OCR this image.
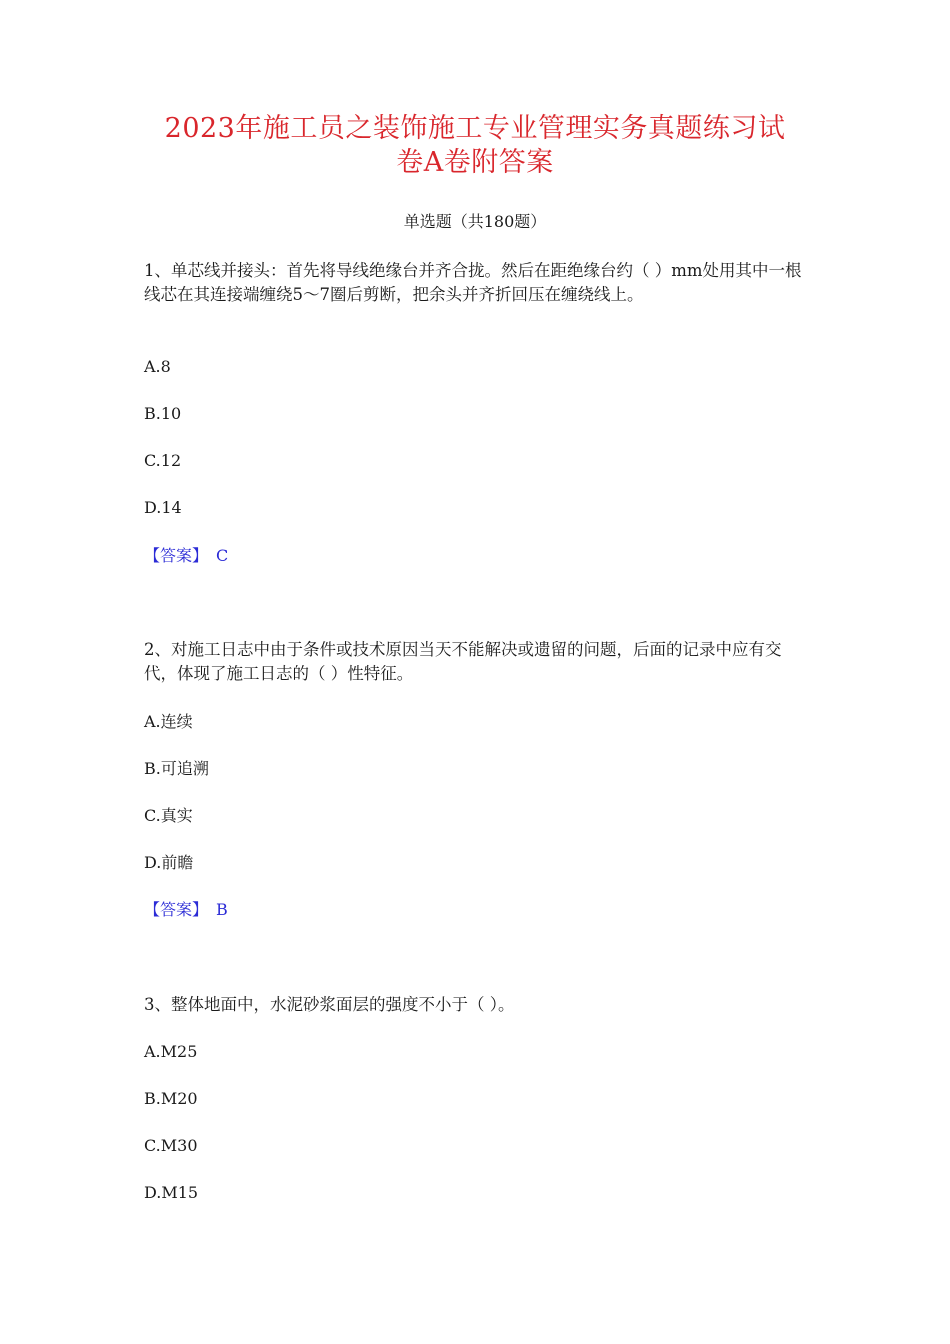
2023年施工员之装饰施工专业管理实务真题练习试
卷A卷附答案
单选题（共180题）

1、单芯线并接头：首先将导线绝缘台并齐合拢。然后在距绝缘台约（ ）mm处用其中一根线芯在其连接端缠绕5～7圈后剪断，把余头并齐折回压在缠绕线上。

A.8
B.10
C.12
D.14
【答案】 C

2、对施工日志中由于条件或技术原因当天不能解决或遗留的问题，后面的记录中应有交代，体现了施工日志的（ ）性特征。

A.连续
B.可追溯
C.真实
D.前瞻
【答案】 B

3、整体地面中，水泥砂浆面层的强度不小于（ ）。

A.M25
B.M20
C.M30
D.M15
